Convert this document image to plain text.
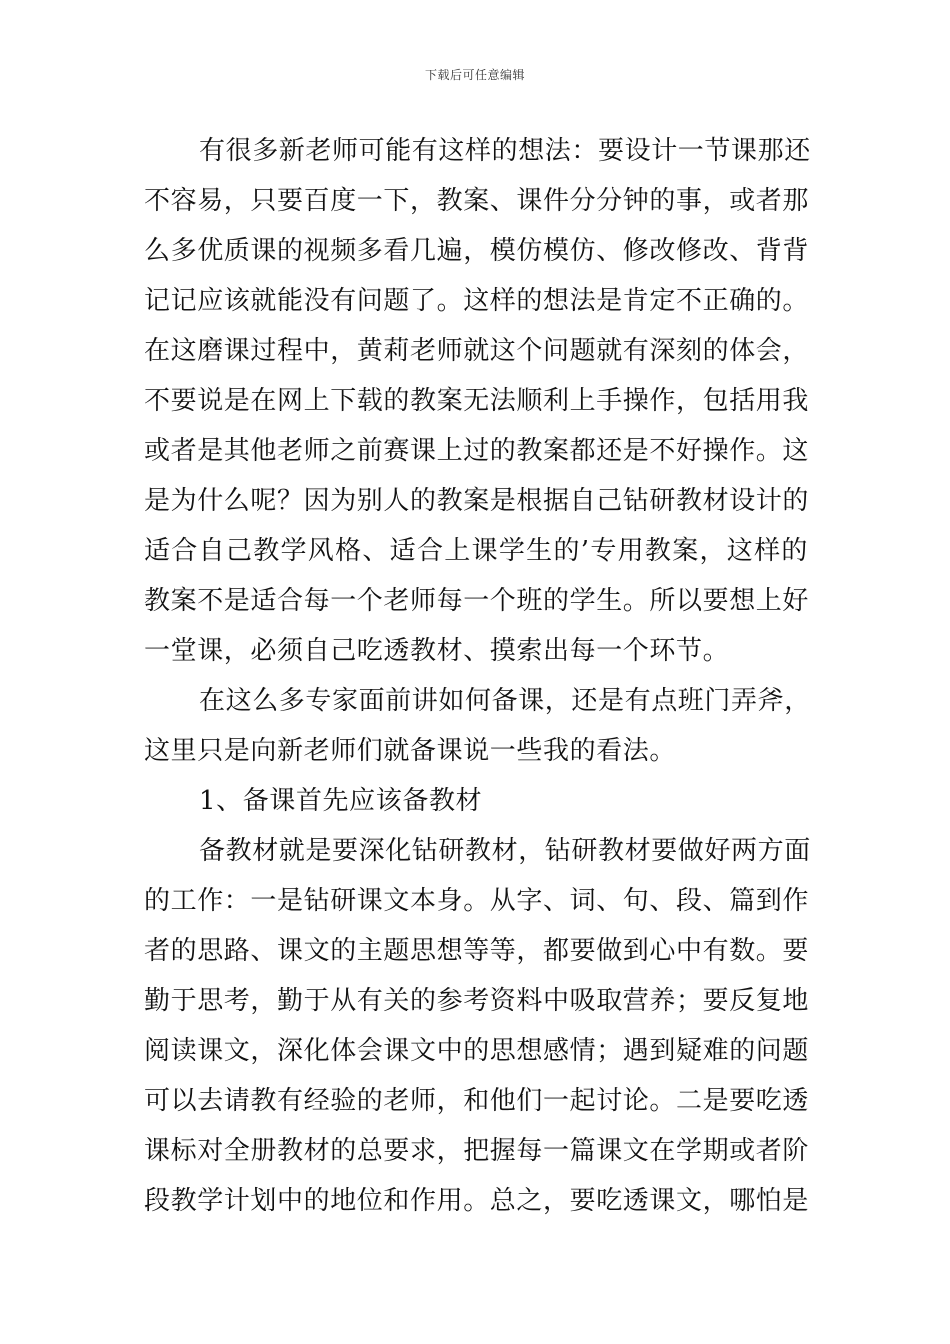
下载后可任意编辑
有很多新老师可能有这样的想法：要设计一节课那还
不容易，只要百度一下，教案、课件分分钟的事，或者那
么多优质课的视频多看几遍，模仿模仿、修改修改、背背
记记应该就能没有问题了。这样的想法是肯定不正确的。
在这磨课过程中，黄莉老师就这个问题就有深刻的体会，
不要说是在网上下载的教案无法顺利上手操作，包括用我
或者是其他老师之前赛课上过的教案都还是不好操作。这
是为什么呢？因为别人的教案是根据自己钻研教材设计的
适合自己教学风格、适合上课学生的’专用教案，这样的
教案不是适合每一个老师每一个班的学生。所以要想上好
一堂课，必须自己吃透教材、摸索出每一个环节。
在这么多专家面前讲如何备课，还是有点班门弄斧，
这里只是向新老师们就备课说一些我的看法。
1、备课首先应该备教材
备教材就是要深化钻研教材，钻研教材要做好两方面
的工作：一是钻研课文本身。从字、词、句、段、篇到作
者的思路、课文的主题思想等等，都要做到心中有数。要
勤于思考，勤于从有关的参考资料中吸取营养；要反复地
阅读课文，深化体会课文中的思想感情；遇到疑难的问题
可以去请教有经验的老师，和他们一起讨论。二是要吃透
课标对全册教材的总要求，把握每一篇课文在学期或者阶
段教学计划中的地位和作用。总之，要吃透课文，哪怕是
